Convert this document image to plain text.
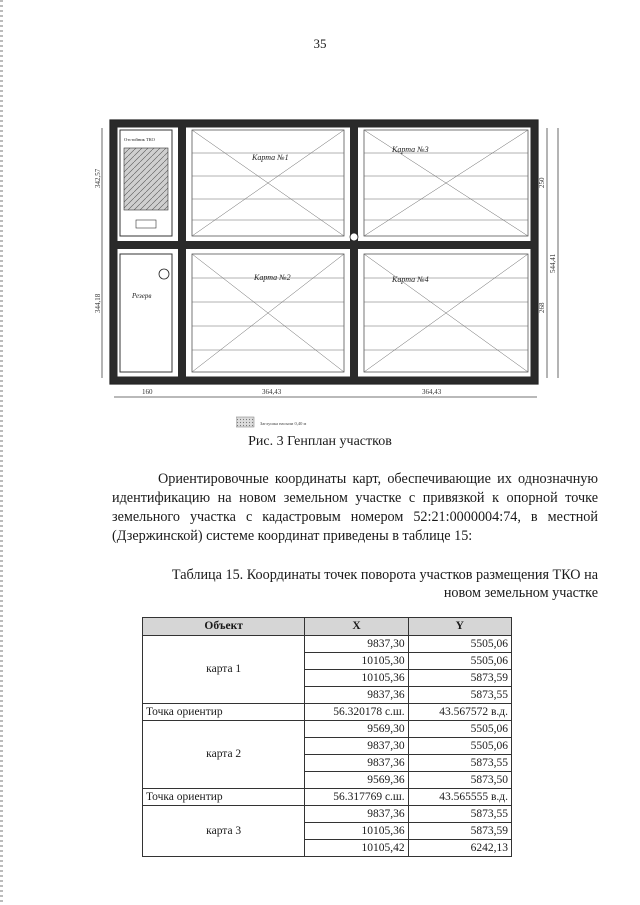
35
342,57
344,18
250
268
544,41
160	364,43	364,43
Отстойник ТКО
Резерв
Карта №1
Карта №3
Карта №2	Карта №4
Заглушка насыпи 0,40 м
Рис. 3 Генплан участков

Ориентировочные координаты карт, обеспечивающие их однозначную идентификацию на новом земельном участке с привязкой к опорной точке земельного участка с кадастровым номером 52:21:0000004:74, в местной (Дзержинской) системе координат приведены в таблице 15:

Таблица 15. Координаты точек поворота участков размещения ТКО на
новом земельном участке
Объект	X	Y
карта 1	9837,30	5505,06
	10105,30	5505,06
	10105,36	5873,59
	9837,36	5873,55
Точка ориентир	56.320178 с.ш.	43.567572 в.д.
карта 2	9569,30	5505,06
	9837,30	5505,06
	9837,36	5873,55
	9569,36	5873,50
Точка ориентир	56.317769 с.ш.	43.565555 в.д.
карта 3	9837,36	5873,55
	10105,36	5873,59
	10105,42	6242,13
